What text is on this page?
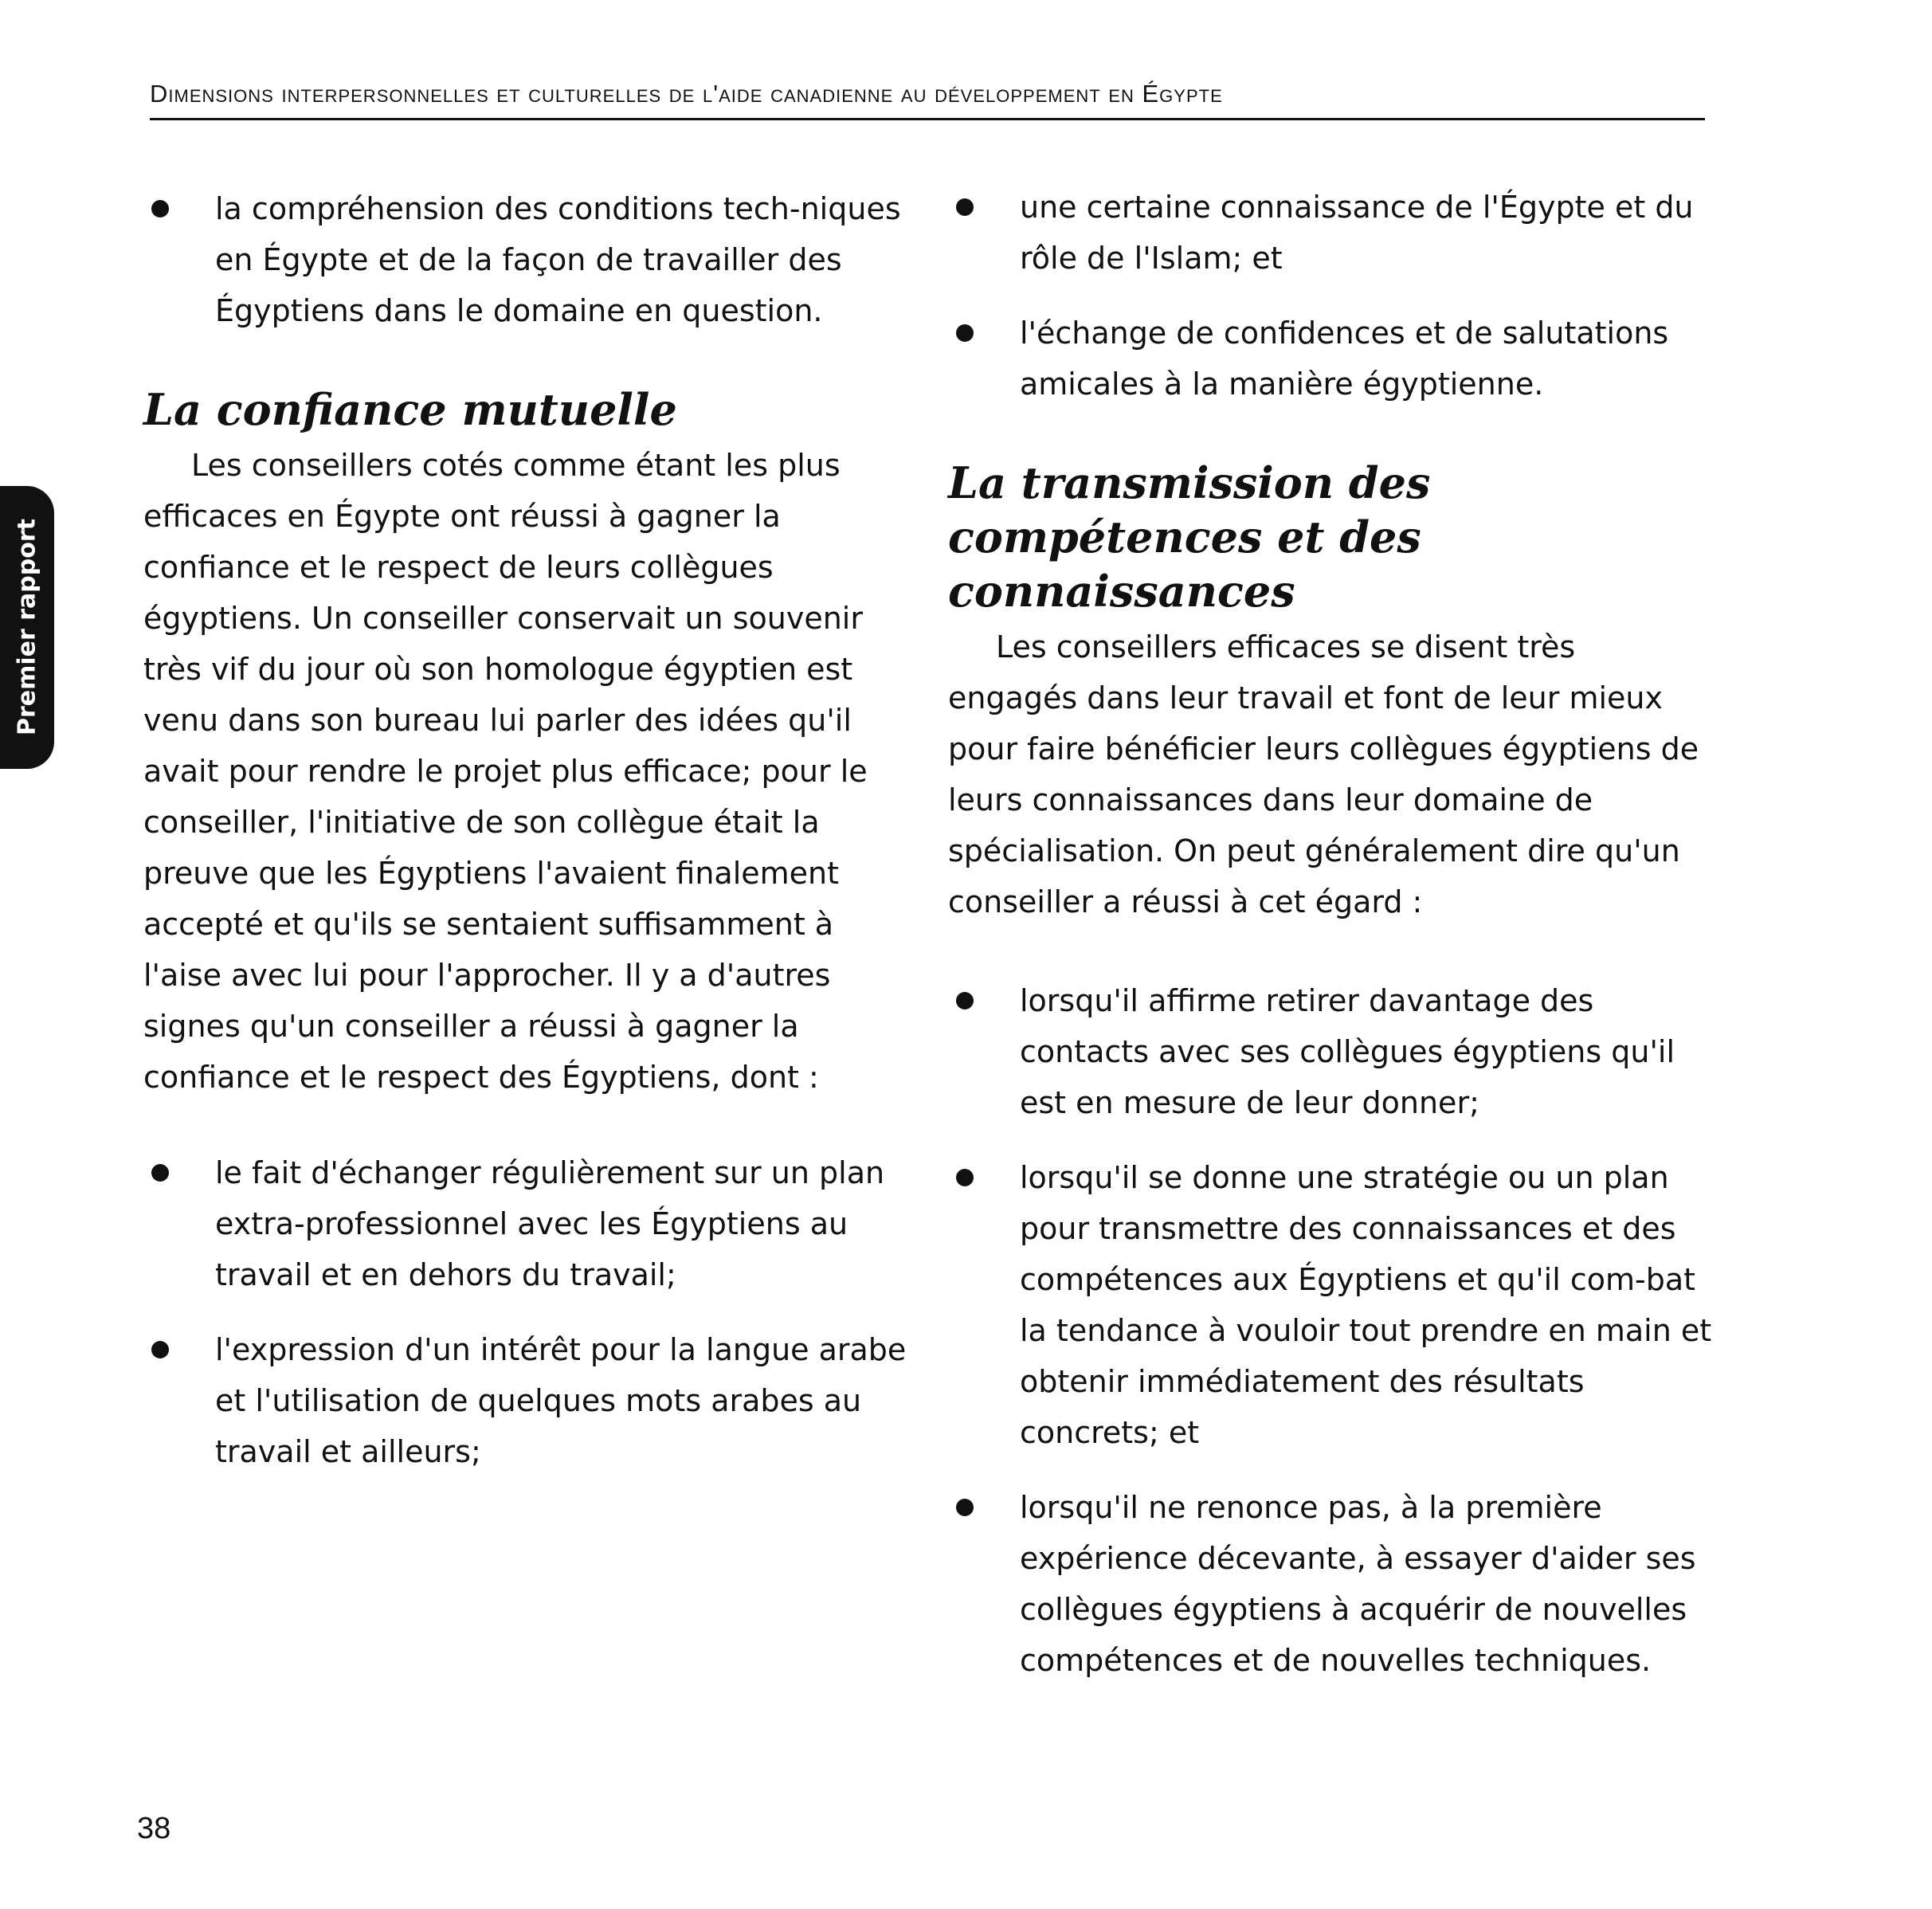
Dimensions interpersonnelles et culturelles de l'aide canadienne au développement en Égypte
Premier rapport
la compréhension des conditions tech-niques en Égypte et de la façon de travailler des Égyptiens dans le domaine en question.
La confiance mutuelle

Les conseillers cotés comme étant les plus efficaces en Égypte ont réussi à gagner la confiance et le respect de leurs collègues égyptiens. Un conseiller conservait un souvenir très vif du jour où son homologue égyptien est venu dans son bureau lui parler des idées qu'il avait pour rendre le projet plus efficace; pour le conseiller, l'initiative de son collègue était la preuve que les Égyptiens l'avaient finalement accepté et qu'ils se sentaient suffisamment à l'aise avec lui pour l'approcher. Il y a d'autres signes qu'un conseiller a réussi à gagner la confiance et le respect des Égyptiens, dont :

le fait d'échanger régulièrement sur un plan extra-professionnel avec les Égyptiens au travail et en dehors du travail;
l'expression d'un intérêt pour la langue arabe et l'utilisation de quelques mots arabes au travail et ailleurs;
une certaine connaissance de l'Égypte et du rôle de l'Islam; et
l'échange de confidences et de salutations amicales à la manière égyptienne.
La transmission des
compétences et des connaissances

Les conseillers efficaces se disent très engagés dans leur travail et font de leur mieux pour faire bénéficier leurs collègues égyptiens de leurs connaissances dans leur domaine de spécialisation. On peut généralement dire qu'un conseiller a réussi à cet égard :

lorsqu'il affirme retirer davantage des contacts avec ses collègues égyptiens qu'il est en mesure de leur donner;
lorsqu'il se donne une stratégie ou un plan pour transmettre des connaissances et des compétences aux Égyptiens et qu'il com-bat la tendance à vouloir tout prendre en main et obtenir immédiatement des résultats concrets; et
lorsqu'il ne renonce pas, à la première expérience décevante, à essayer d'aider ses collègues égyptiens à acquérir de nouvelles compétences et de nouvelles techniques.
38
